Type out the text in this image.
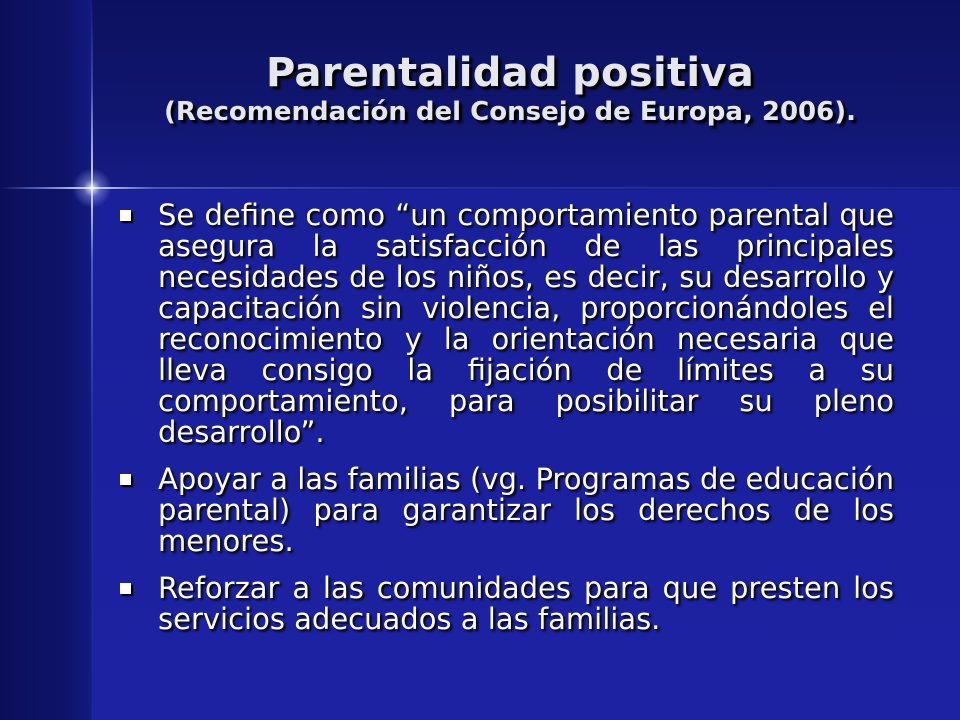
Parentalidad positiva
(Recomendación del Consejo de Europa, 2006).
Se define como “un comportamiento parental que asegura la satisfacción de las principales necesidades de los niños, es decir, su desarrollo y capacitación sin violencia, proporcionándoles el reconocimiento y la orientación necesaria que lleva consigo la fijación de límites a su comportamiento, para posibilitar su pleno desarrollo”.
Apoyar a las familias (vg. Programas de educación parental) para garantizar los derechos de los menores.
Reforzar a las comunidades para que presten los servicios adecuados a las familias.
